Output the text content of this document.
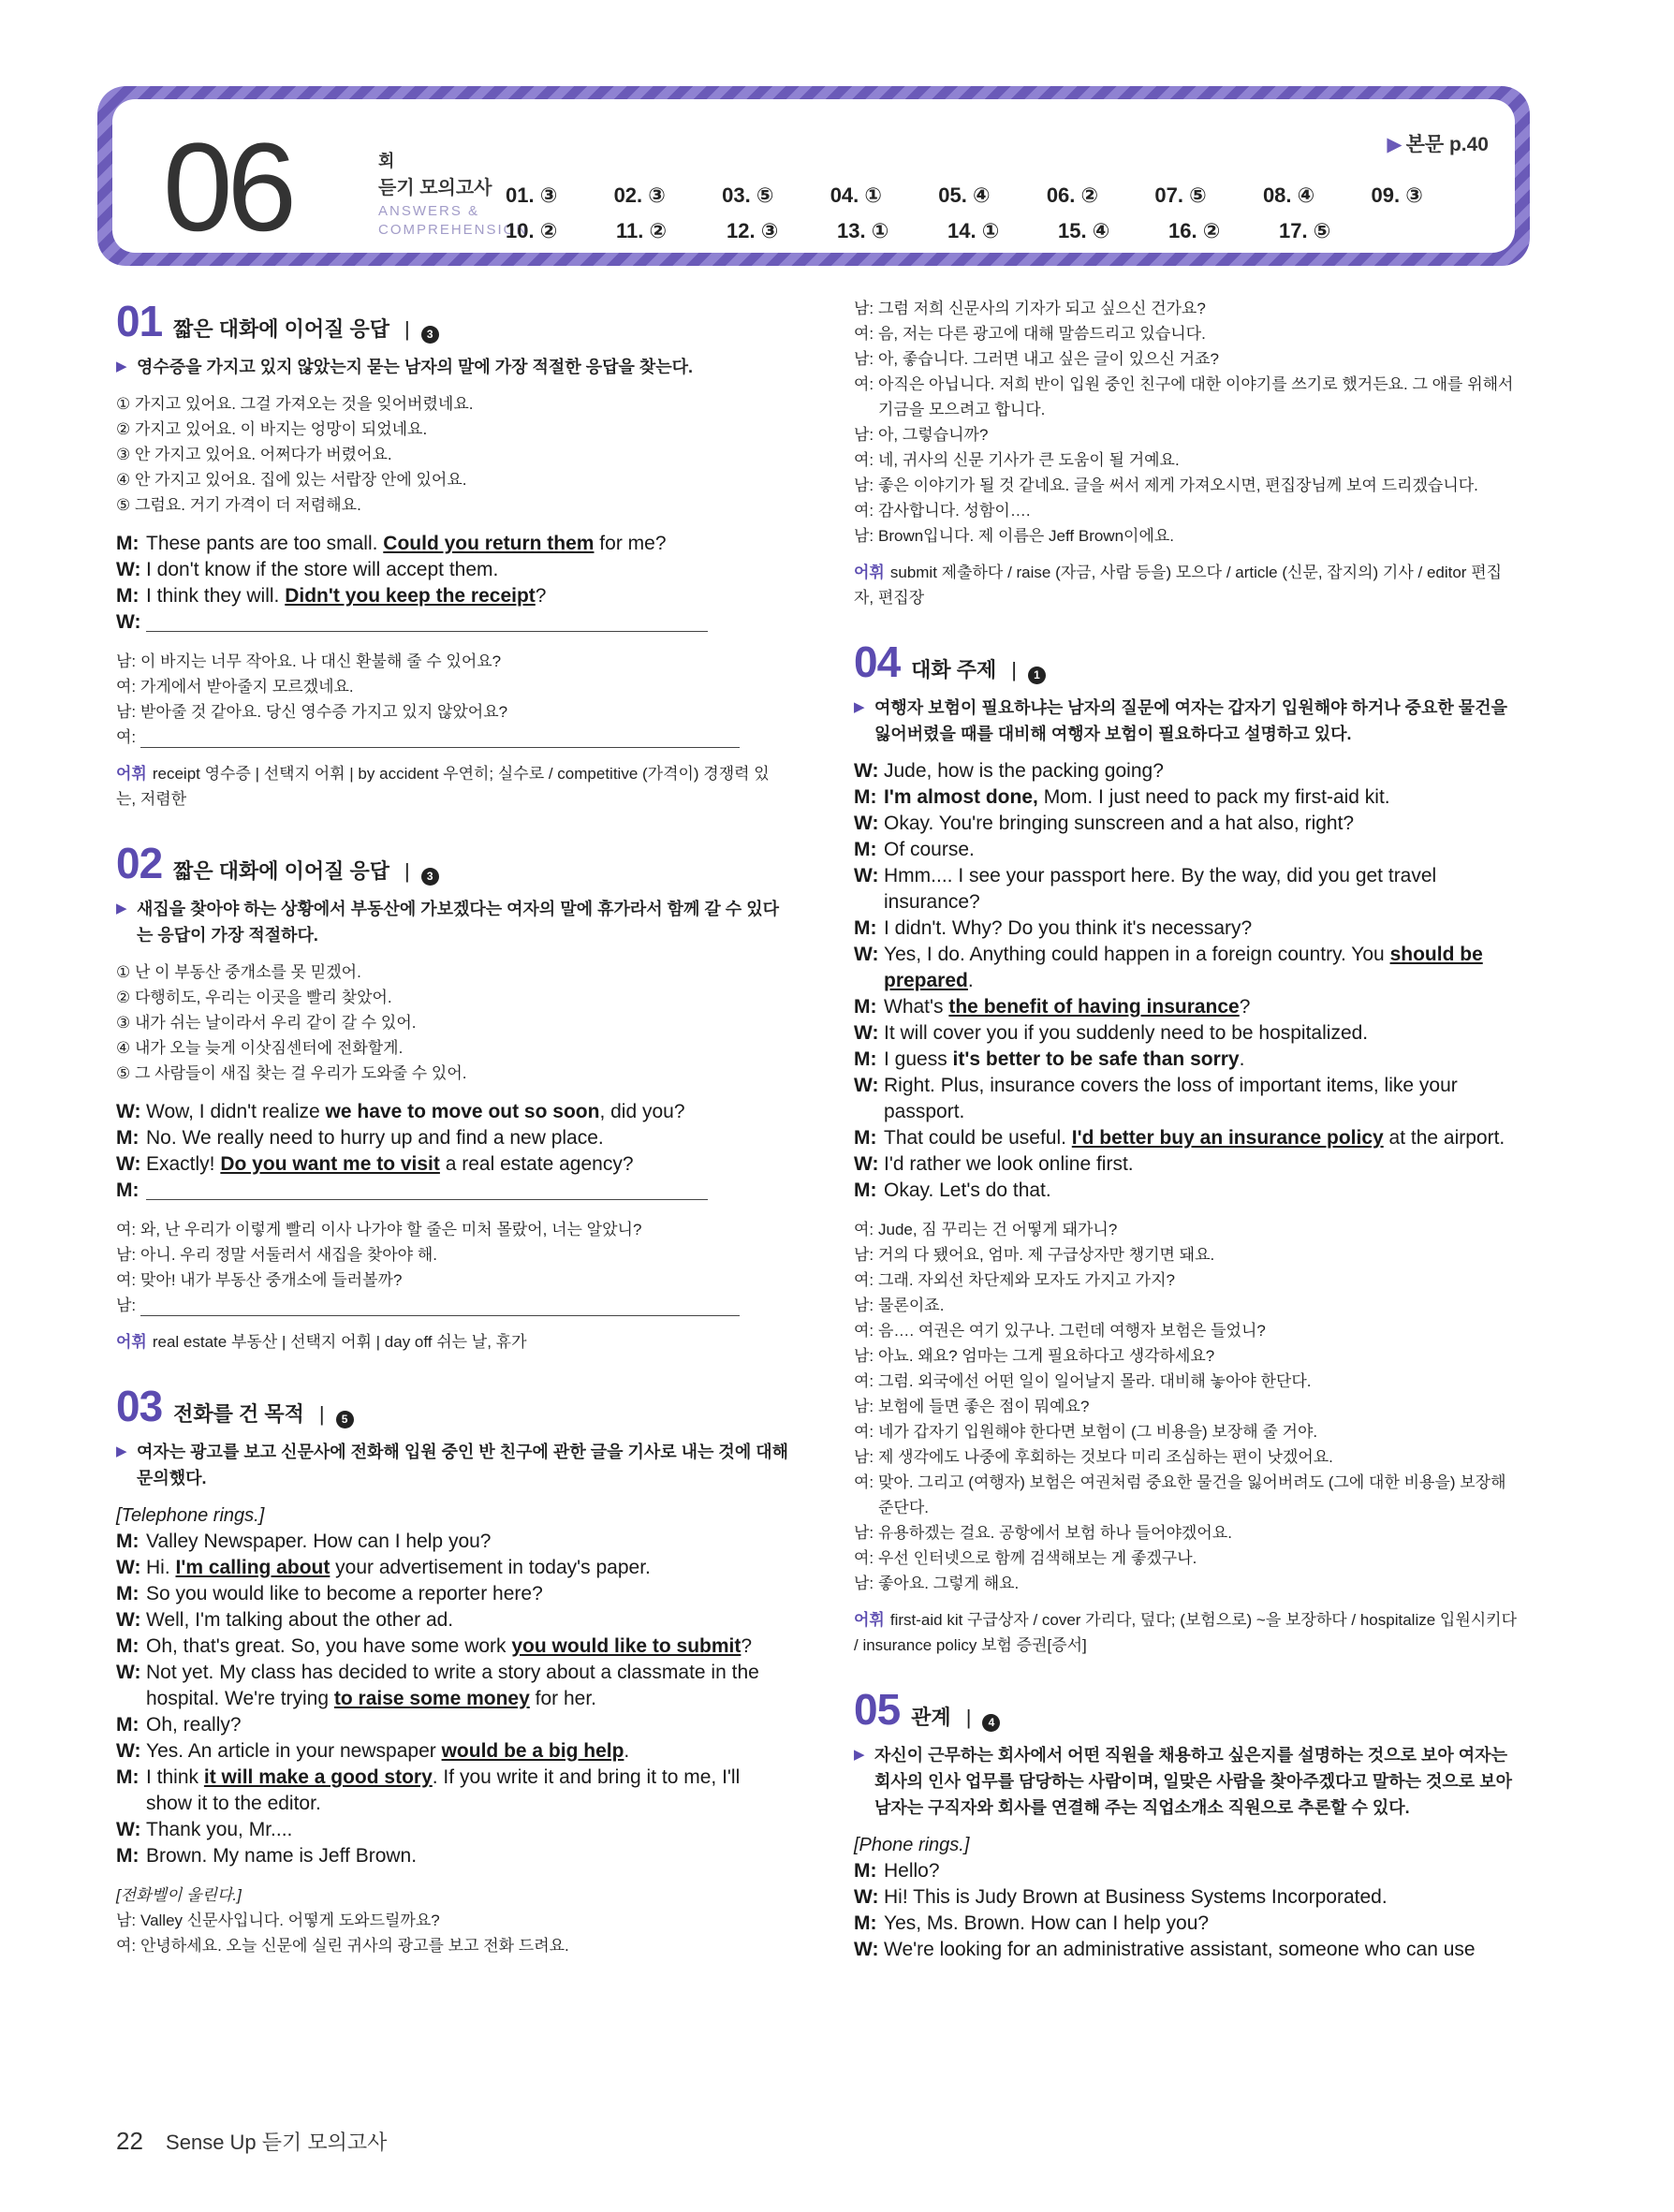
06	회
듣기 모의고사
ANSWERS &
COMPREHENSION
▶ 본문 p.40
01. ③	02. ③	03. ⑤	04. ①	05. ④	06. ②	07. ⑤	08. ④	09. ③
10. ②	11. ②	12. ③	13. ①	14. ①	15. ④	16. ②	17. ⑤
01 짧은 대화에 이어질 응답 |	3
▶ 영수증을 가지고 있지 않았는지 묻는 남자의 말에 가장 적절한 응답을 찾는다.
① 가지고 있어요. 그걸 가져오는 것을 잊어버렸네요.
② 가지고 있어요. 이 바지는 엉망이 되었네요.
③ 안 가지고 있어요. 어쩌다가 버렸어요.
④ 안 가지고 있어요. 집에 있는 서랍장 안에 있어요.
⑤ 그럼요. 거기 가격이 더 저렴해요.
M: These pants are too small. Could you return them for me?
W: I don't know if the store will accept them.
M: I think they will. Didn't you keep the receipt?
W:
남: 이 바지는 너무 작아요. 나 대신 환불해 줄 수 있어요?
여: 가게에서 받아줄지 모르겠네요.
남: 받아줄 것 같아요. 당신 영수증 가지고 있지 않았어요?
여:
어휘 receipt 영수증 | 선택지 어휘 | by accident 우연히; 실수로 / competitive (가격이) 경쟁력 있는, 저렴한
02 짧은 대화에 이어질 응답 |	3
▶ 새집을 찾아야 하는 상황에서 부동산에 가보겠다는 여자의 말에 휴가라서 함께 갈 수 있다는 응답이 가장 적절하다.
① 난 이 부동산 중개소를 못 믿겠어.
② 다행히도, 우리는 이곳을 빨리 찾았어.
③ 내가 쉬는 날이라서 우리 같이 갈 수 있어.
④ 내가 오늘 늦게 이삿짐센터에 전화할게.
⑤ 그 사람들이 새집 찾는 걸 우리가 도와줄 수 있어.
W: Wow, I didn't realize we have to move out so soon, did you?
M: No. We really need to hurry up and find a new place.
W: Exactly! Do you want me to visit a real estate agency?
M:
여: 와, 난 우리가 이렇게 빨리 이사 나가야 할 줄은 미처 몰랐어, 너는 알았니?
남: 아니. 우리 정말 서둘러서 새집을 찾아야 해.
여: 맞아! 내가 부동산 중개소에 들러볼까?
남:
어휘 real estate 부동산 | 선택지 어휘 | day off 쉬는 날, 휴가
03 전화를 건 목적 |	5
▶ 여자는 광고를 보고 신문사에 전화해 입원 중인 반 친구에 관한 글을 기사로 내는 것에 대해 문의했다.
[Telephone rings.]
M: Valley Newspaper. How can I help you?
W: Hi. I'm calling about your advertisement in today's paper.
M: So you would like to become a reporter here?
W: Well, I'm talking about the other ad.
M: Oh, that's great. So, you have some work you would like to submit?
W: Not yet. My class has decided to write a story about a classmate in the hospital. We're trying to raise some money for her.
M: Oh, really?
W: Yes. An article in your newspaper would be a big help.
M: I think it will make a good story. If you write it and bring it to me, I'll show it to the editor.
W: Thank you, Mr....
M: Brown. My name is Jeff Brown.
[전화벨이 울린다.]
남: Valley 신문사입니다. 어떻게 도와드릴까요?
여: 안녕하세요. 오늘 신문에 실린 귀사의 광고를 보고 전화 드려요.
남: 그럼 저희 신문사의 기자가 되고 싶으신 건가요?
여: 음, 저는 다른 광고에 대해 말씀드리고 있습니다.
남: 아, 좋습니다. 그러면 내고 싶은 글이 있으신 거죠?
여: 아직은 아닙니다. 저희 반이 입원 중인 친구에 대한 이야기를 쓰기로 했거든요. 그 애를 위해서 기금을 모으려고 합니다.
남: 아, 그렇습니까?
여: 네, 귀사의 신문 기사가 큰 도움이 될 거예요.
남: 좋은 이야기가 될 것 같네요. 글을 써서 제게 가져오시면, 편집장님께 보여 드리겠습니다.
여: 감사합니다. 성함이….
남: Brown입니다. 제 이름은 Jeff Brown이에요.
어휘 submit 제출하다 / raise (자금, 사람 등을) 모으다 / article (신문, 잡지의) 기사 / editor 편집자, 편집장
04 대화 주제 |	1
▶ 여행자 보험이 필요하냐는 남자의 질문에 여자는 갑자기 입원해야 하거나 중요한 물건을 잃어버렸을 때를 대비해 여행자 보험이 필요하다고 설명하고 있다.
W: Jude, how is the packing going?
M: I'm almost done, Mom. I just need to pack my first-aid kit.
W: Okay. You're bringing sunscreen and a hat also, right?
M: Of course.
W: Hmm.... I see your passport here. By the way, did you get travel insurance?
M: I didn't. Why? Do you think it's necessary?
W: Yes, I do. Anything could happen in a foreign country. You should be prepared.
M: What's the benefit of having insurance?
W: It will cover you if you suddenly need to be hospitalized.
M: I guess it's better to be safe than sorry.
W: Right. Plus, insurance covers the loss of important items, like your passport.
M: That could be useful. I'd better buy an insurance policy at the airport.
W: I'd rather we look online first.
M: Okay. Let's do that.
여: Jude, 짐 꾸리는 건 어떻게 돼가니?
남: 거의 다 됐어요, 엄마. 제 구급상자만 챙기면 돼요.
여: 그래. 자외선 차단제와 모자도 가지고 가지?
남: 물론이죠.
여: 음…. 여권은 여기 있구나. 그런데 여행자 보험은 들었니?
남: 아뇨. 왜요? 엄마는 그게 필요하다고 생각하세요?
여: 그럼. 외국에선 어떤 일이 일어날지 몰라. 대비해 놓아야 한단다.
남: 보험에 들면 좋은 점이 뭐예요?
여: 네가 갑자기 입원해야 한다면 보험이 (그 비용을) 보장해 줄 거야.
남: 제 생각에도 나중에 후회하는 것보다 미리 조심하는 편이 낫겠어요.
여: 맞아. 그리고 (여행자) 보험은 여권처럼 중요한 물건을 잃어버려도 (그에 대한 비용을) 보장해 준단다.
남: 유용하겠는 걸요. 공항에서 보험 하나 들어야겠어요.
여: 우선 인터넷으로 함께 검색해보는 게 좋겠구나.
남: 좋아요. 그렇게 해요.
어휘 first-aid kit 구급상자 / cover 가리다, 덮다; (보험으로) ~을 보장하다 / hospitalize 입원시키다 / insurance policy 보험 증권[증서]
05 관계 |	4
▶ 자신이 근무하는 회사에서 어떤 직원을 채용하고 싶은지를 설명하는 것으로 보아 여자는 회사의 인사 업무를 담당하는 사람이며, 일맞은 사람을 찾아주겠다고 말하는 것으로 보아 남자는 구직자와 회사를 연결해 주는 직업소개소 직원으로 추론할 수 있다.
[Phone rings.]
M: Hello?
W: Hi! This is Judy Brown at Business Systems Incorporated.
M: Yes, Ms. Brown. How can I help you?
W: We're looking for an administrative assistant, someone who can use
22 Sense Up 듣기 모의고사
